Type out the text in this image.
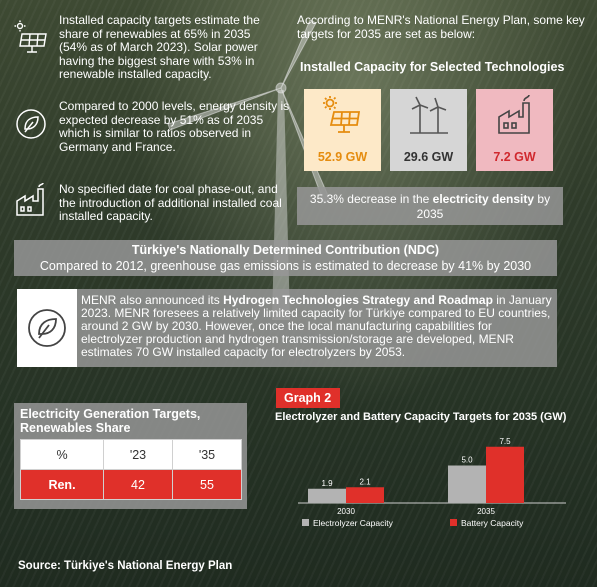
Installed capacity targets estimate the share of renewables at 65% in 2035 (54% as of March 2023). Solar power having the biggest share with 53% in renewable installed capacity.
Compared to 2000 levels, energy density is expected decrease by 51% as of 2035 which is similar to ratios observed in Germany and France.
No specified date for coal phase-out, and the introduction of additional installed coal installed capacity.
According to MENR's National Energy Plan, some key targets for 2035 are set as below:
Installed Capacity for Selected Technologies
52.9 GW	29.6 GW	7.2 GW
35.3% decrease in the electricity density by 2035
Türkiye's Nationally Determined Contribution (NDC)
Compared to 2012, greenhouse gas emissions is estimated to decrease by 41% by 2030
MENR also announced its Hydrogen Technologies Strategy and Roadmap in January 2023. MENR foresees a relatively limited capacity for Türkiye compared to EU countries, around 2 GW by 2030. However, once the local manufacturing capabilities for electrolyzer production and hydrogen transmission/storage are developed, MENR estimates 70 GW installed capacity for electrolyzers by 2053.
Electricity Generation Targets, Renewables Share
%	'23	'35
Ren.	42	55
Graph 2
Electrolyzer and Battery Capacity Targets for 2035 (GW)
1.9	2.1
2030
5.0
7.5
2035
Electrolyzer Capacity	Battery Capacity
Source: Türkiye's National Energy Plan
